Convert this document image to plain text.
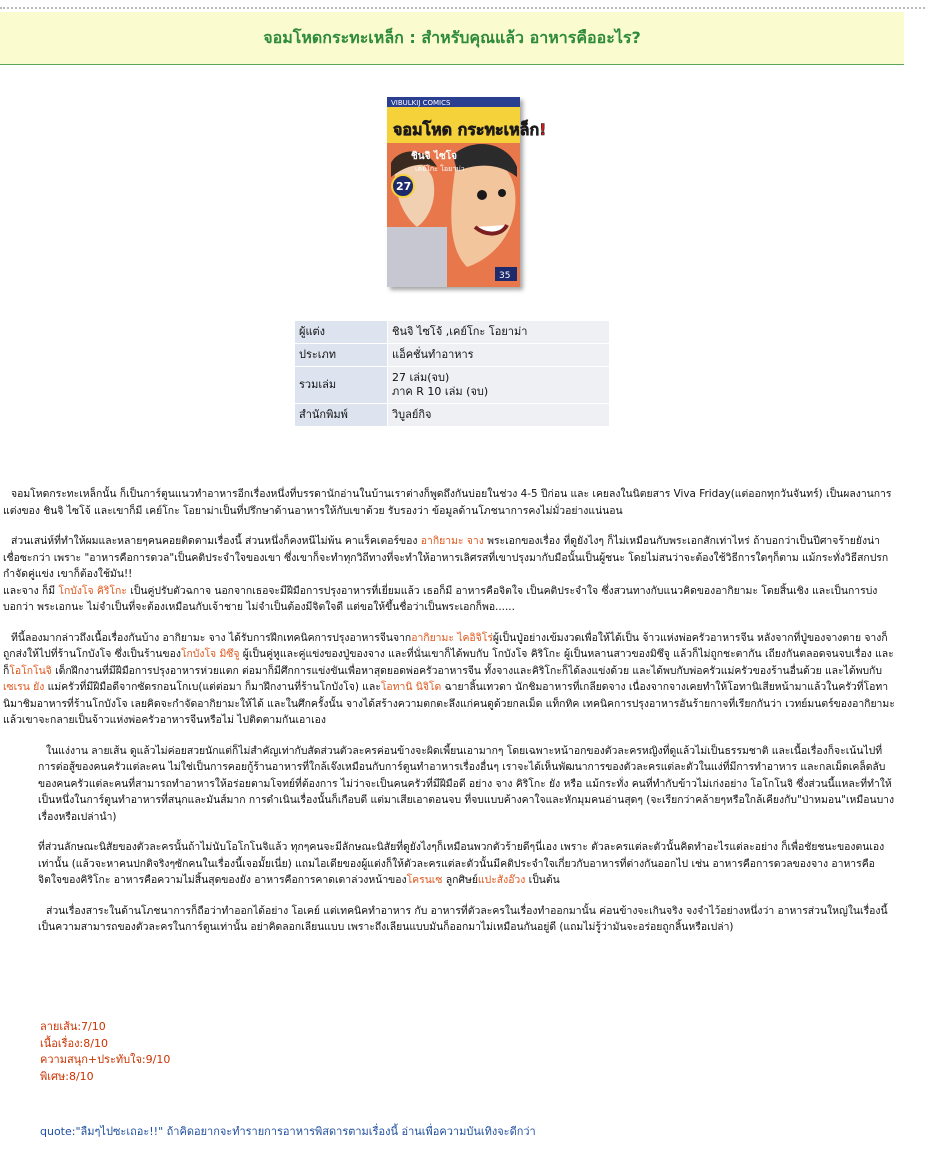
จอมโหดกระทะเหล็ก : สำหรับคุณแล้ว อาหารคืออะไร?
VIBULKIJ COMICS
จอมโหด กระทะเหล็ก!
ชินจิ ไซโจ
เคย์โกะ โอยาม่า
27
35
ผู้แต่ง	ชินจิ ไซโจ้ ,เคย์โกะ โอยาม่า
ประเภท	แอ็คชั่นทำอาหาร
รวมเล่ม	27 เล่ม(จบ)
ภาค R 10 เล่ม (จบ)

สำนักพิมพ์	วิบูลย์กิจ

จอมโหดกระทะเหล็กนั้น ก็เป็นการ์ตูนแนวทำอาหารอีกเรื่องหนึ่งที่บรรดานักอ่านในบ้านเราต่างก็พูดถึงกันบ่อยในช่วง 4-5 ปีก่อน และ เคยลงในนิตยสาร Viva Friday(แต่ออกทุกวันจันทร์) เป็นผลงานการแต่งของ ชินจิ ไซโจ้ และเขาก็มี เคย์โกะ โอยาม่าเป็นที่ปรึกษาด้านอาหารให้กับเขาด้วย รับรองว่า ข้อมูลด้านโภชนาการคงไม่มั่วอย่างแน่นอน

ส่วนเสน่ห์ที่ทำให้ผมและหลายๆคนคอยติดตามเรื่องนี้ ส่วนหนึ่งก็คงหนีไม่พ้น คาแร็คเตอร์ของ อากิยามะ จาง พระเอกของเรื่อง ที่ดูยังไงๆ ก็ไม่เหมือนกับพระเอกสักเท่าไหร่ ถ้าบอกว่าเป็นปีศาจร้ายยังน่าเชื่อซะกว่า เพราะ "อาหารคือการดวล"เป็นคติประจำใจของเขา ซึ่งเขาก็จะทำทุกวิถีทางที่จะทำให้อาหารเลิศรสที่เขาปรุงมากับมือนั้นเป็นผู้ชนะ โดยไม่สนว่าจะต้องใช้วิธีการใดๆก็ตาม แม้กระทั่งวิธีสกปรกกำจัดคู่แข่ง เขาก็ต้องใช้มัน!!
และจาง ก็มี โกบังโจ คิริโกะ เป็นคู่ปรับตัวฉกาจ นอกจากเธอจะมีฝีมือการปรุงอาหารที่เยี่ยมแล้ว เธอก็มี อาหารคือจิตใจ เป็นคติประจำใจ ซึ่งสวนทางกับแนวคิดของอากิยามะ โดยสิ้นเชิง และเป็นการบ่งบอกว่า พระเอกนะ ไม่จำเป็นที่จะต้องเหมือนกับเจ้าชาย ไม่จำเป็นต้องมีจิตใจดี แต่ขอให้ขึ้นชื่อว่าเป็นพระเอกก็พอ......

ทีนี้ลองมากล่าวถึงเนื้อเรื่องกันบ้าง อากิยามะ จาง ได้รับการฝึกเทคนิคการปรุงอาหารจีนจากอากิยามะ ไคอิจิโร่ผู้เป็นปู่อย่างเข้มงวดเพื่อให้ได้เป็น จ้าวแห่งพ่อครัวอาหารจีน หลังจากที่ปู่ของจางตาย จางก็ถูกส่งให้ไปที่ร้านโกบังโจ ซึ่งเป็นร้านของโกบังโจ มิซึจู ผู้เป็นคู่หูและคู่แข่งของปู่ของจาง และที่นั่นเขาก็ได้พบกับ โกบังโจ คิริโกะ ผู้เป็นหลานสาวของมิซึจู แล้วก็ไม่ถูกชะตากัน เถียงกันตลอดจนจบเรื่อง และก็โอโกโนจิ เด็กฝึกงานที่มีฝีมือการปรุงอาหารห่วยแตก ต่อมาก็มีศึกการแข่งขันเพื่อหาสุดยอดพ่อครัวอาหารจีน ทั้งจางและคิริโกะก็ได้ลงแข่งด้วย และได้พบกับพ่อครัวแม่ครัวของร้านอื่นด้วย และได้พบกับ เซเรน ยัง แม่ครัวที่มีฝีมือดีจากซัดรกอนโกเบ(แต่ต่อมา ก็มาฝึกงานที่ร้านโกบังโจ) และโอทานิ นิจิโด ฉายาลิ้นเทวดา นักชิมอาหารที่เกลียดจาง เนื่องจากจางเคยทำให้โอทานิเสียหน้ามาแล้วในครัวที่โอทานิมาชิมอาหารที่ร้านโกบังโจ เลยคิดจะกำจัดอากิยามะให้ได้ และในศึกครั้งนั้น จางได้สร้างความตกตะลึงแก่คนดูด้วยกลเม็ด แท็กทิค เทคนิคการปรุงอาหารอันร้ายกาจที่เรียกกันว่า เวทย์มนตร์ของอากิยามะ แล้วเขาจะกลายเป็นจ้าวแห่งพ่อครัวอาหารจีนหรือไม่ ไปติดตามกันเอาเอง

ในแง่งาน ลายเส้น ดูแล้วไม่ค่อยสวยนักแต่ก็ไม่สำคัญเท่ากับสัดส่วนตัวละครค่อนข้างจะผิดเพี้ยนเอามากๆ โดยเฉพาะหน้าอกของตัวละครหญิงที่ดูแล้วไม่เป็นธรรมชาติ และเนื้อเรื่องก็จะเน้นไปที่การต่อสู้ของคนครัวแต่ละคน ไม่ใช่เป็นการคอยกู้ร้านอาหารที่ใกล้เจ๊งเหมือนกับการ์ตูนทำอาหารเรื่องอื่นๆ เราจะได้เห็นพัฒนาการของตัวละครแต่ละตัวในแง่ที่มีการทำอาหาร และกลเม็ดเคล็ดลับของคนครัวแต่ละคนที่สามารถทำอาหารให้อร่อยตามโจทย์ที่ต้องการ ไม่ว่าจะเป็นคนครัวที่มีฝีมือดี อย่าง จาง คิริโกะ ยัง หรือ แม้กระทั่ง คนที่ทำกับข้าวไม่เก่งอย่าง โอโกโนจิ ซึ่งส่วนนี้แหละที่ทำให้เป็นหนึ่งในการ์ตูนทำอาหารที่สนุกและมันส์มาก การดำเนินเรื่องนั้นก็เกือบดี แต่มาเสียเอาตอนจบ ที่จบแบบค้างคาใจและหักมุมคนอ่านสุดๆ (จะเรียกว่าคล้ายๆหรือใกล้เคียงกับ"ป่าหมอน"เหมือนบางเรื่องหรือเปล่านำ)

ที่ส่วนลักษณะนิสัยของตัวละครนั้นถ้าไม่นับโอโกโนจิแล้ว ทุกๆคนจะมีลักษณะนิสัยที่ดูยังไงๆก็เหมือนพวกตัวร้ายดีๆนี่เอง เพราะ ตัวละครแต่ละตัวนั้นคิดทำอะไรแต่ละอย่าง ก็เพื่อชัยชนะของตนเองเท่านั้น (แล้วจะหาคนปกติจริงๆซักคนในเรื่องนี้เจอมั้ยเนี่ย) แถมไอเดียของผู้แต่งก็ให้ตัวละครแต่ละตัวนั้นมีคติประจำใจเกี่ยวกับอาหารที่ต่างกันออกไป เช่น อาหารคือการดวลของจาง อาหารคือจิตใจของคิริโกะ อาหารคือความไม่สิ้นสุดของยัง อาหารคือการคาดเดาล่วงหน้าของโครนเซ ลูกศิษย์แปะสังอ๊วง เป็นต้น

ส่วนเรื่องสาระในด้านโภชนาการก็ถือว่าทำออกได้อย่าง โอเคย์ แต่เทคนิคทำอาหาร กับ อาหารที่ตัวละครในเรื่องทำออกมานั้น ค่อนข้างจะเกินจริง จงจำไว้อย่างหนึ่งว่า อาหารส่วนใหญ่ในเรื่องนี้ เป็นความสามารถของตัวละครในการ์ตูนเท่านั้น อย่าคิดลอกเลียนแบบ เพราะถึงเลียนแบบมันก็ออกมาไม่เหมือนกันอยู่ดี (แถมไม่รู้ว่ามันจะอร่อยถูกลิ้นหรือเปล่า)

ลายเส้น:7/10
เนื้อเรื่อง:8/10
ความสนุก+ประทับใจ:9/10
พิเศษ:8/10
quote:"ลืมๆไปซะเถอะ!!" ถ้าคิดอยากจะทำรายการอาหารพิสดารตามเรื่องนี้ อ่านเพื่อความบันเทิงจะดีกว่า
